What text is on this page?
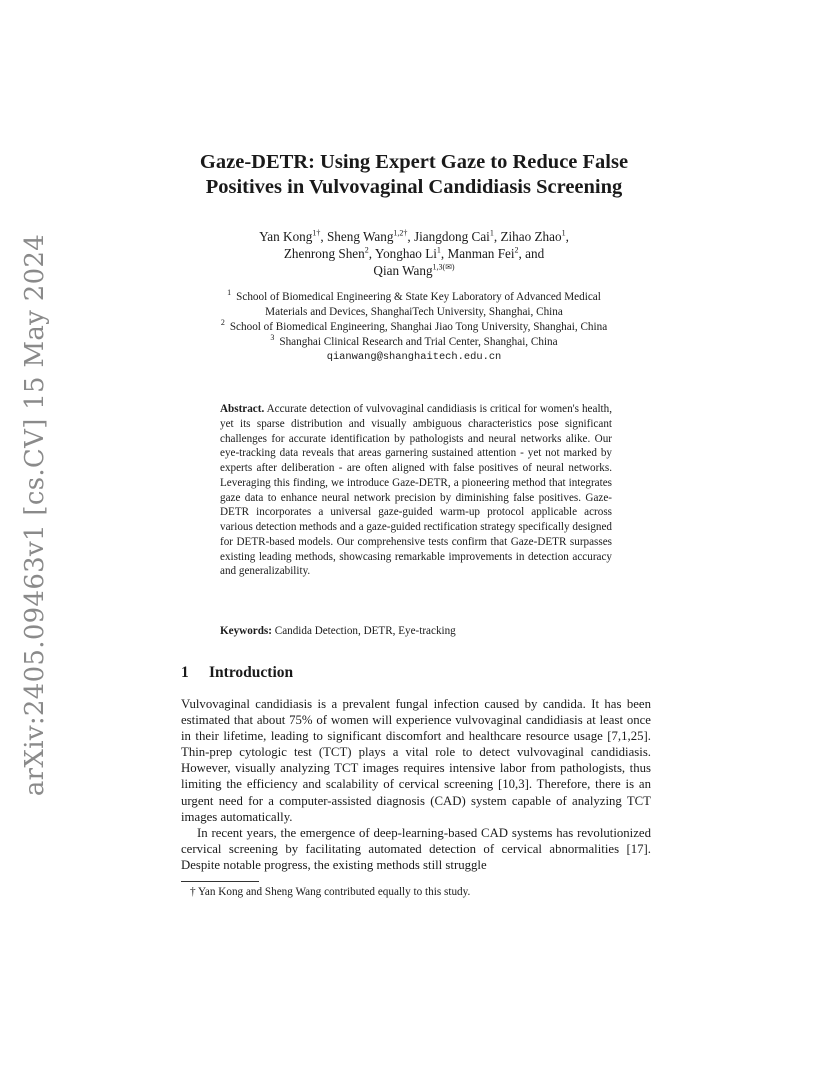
arXiv:2405.09463v1 [cs.CV] 15 May 2024
Gaze-DETR: Using Expert Gaze to Reduce False
Positives in Vulvovaginal Candidiasis Screening
Yan Kong$^{1\dagger}$, Sheng Wang$^{1,2\dagger}$, Jiangdong Cai$^1$, Zihao Zhao$^1$,
Zhenrong Shen$^2$, Yonghao Li$^1$, Manman Fei$^2$, and
Qian Wang$^{1,3(✉)}$
$^1$ School of Biomedical Engineering & State Key Laboratory of Advanced Medical
Materials and Devices, ShanghaiTech University, Shanghai, China
$^2$ School of Biomedical Engineering, Shanghai Jiao Tong University, Shanghai, China
$^3$ Shanghai Clinical Research and Trial Center, Shanghai, China
qianwang@shanghaitech.edu.cn
Abstract. Accurate detection of vulvovaginal candidiasis is critical for women's health, yet its sparse distribution and visually ambiguous characteristics pose significant challenges for accurate identification by pathologists and neural networks alike. Our eye-tracking data reveals that areas garnering sustained attention - yet not marked by experts after deliberation - are often aligned with false positives of neural networks. Leveraging this finding, we introduce Gaze-DETR, a pioneering method that integrates gaze data to enhance neural network precision by diminishing false positives. Gaze-DETR incorporates a universal gaze-guided warm-up protocol applicable across various detection methods and a gaze-guided rectification strategy specifically designed for DETR-based models. Our comprehensive tests confirm that Gaze-DETR surpasses existing leading methods, showcasing remarkable improvements in detection accuracy and generalizability.
Keywords: Candida Detection, DETR, Eye-tracking
1 Introduction

Vulvovaginal candidiasis is a prevalent fungal infection caused by candida. It has been estimated that about 75% of women will experience vulvovaginal candidiasis at least once in their lifetime, leading to significant discomfort and healthcare resource usage [7,1,25]. Thin-prep cytologic test (TCT) plays a vital role to detect vulvovaginal candidiasis. However, visually analyzing TCT images requires intensive labor from pathologists, thus limiting the efficiency and scalability of cervical screening [10,3]. Therefore, there is an urgent need for a computer-assisted diagnosis (CAD) system capable of analyzing TCT images automatically.

In recent years, the emergence of deep-learning-based CAD systems has revolutionized cervical screening by facilitating automated detection of cervical abnormalities [17]. Despite notable progress, the existing methods still struggle

† Yan Kong and Sheng Wang contributed equally to this study.
